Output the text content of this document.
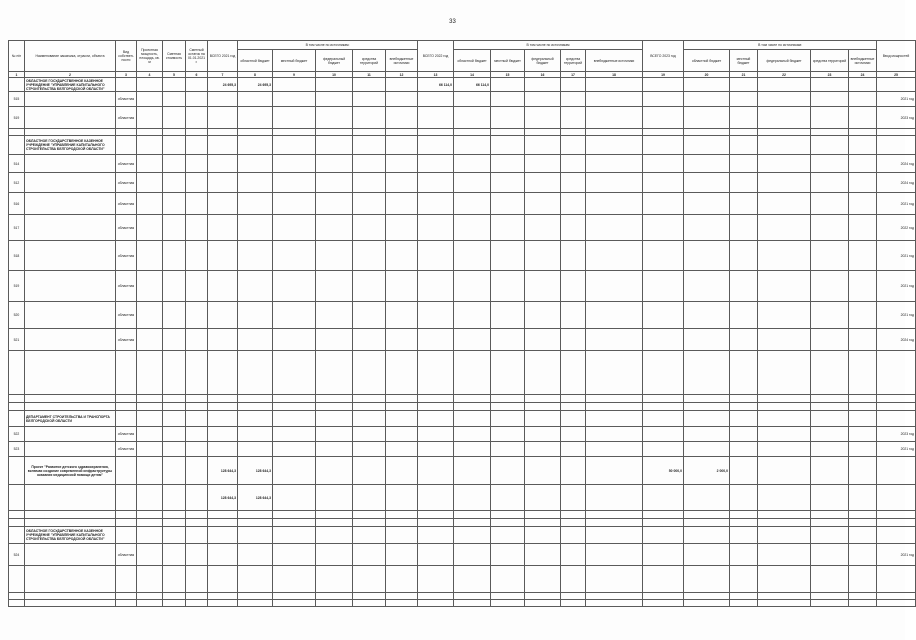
33
№ п/п	Наименование заказчика, отрасли, объекта	Вид собствен-ности	Проектная мощность, площадь, кв. м	Сметная стоимость	Сметный остаток на 01.01.2021 г.	ВСЕГО 2021 год	В том числе по источникам:					ВСЕГО 2022 год	В том числе по источникам					ВСЕГО 2023 год	В том числе по источникам:					Ввод мощностей
							областной бюджет	местный бюджет	федеральный бюджет	средства территорий	внебюджетные источники		областной бюджет	местный бюджет	федеральный бюджет	средства территорий	внебюджетные источники		областной бюджет	местный бюджет	федеральный бюджет	средства территорий	внебюджетные источники	
1	2	3	4	5	6	7	8	9	10	11	12	13	14	15	16	17	18	19	20	21	22	23	24	25
	ОБЛАСТНОЕ ГОСУДАРСТВЕННОЕ КАЗЕННОЕ УЧРЕЖДЕНИЕ "УПРАВЛЕНИЕ КАПИТАЛЬНОГО СТРОИТЕЛЬСТВА БЕЛГОРОДСКОЙ ОБЛАСТИ"					24 695,3	24 695,3					66 114,0	66 114,0											
515		областная																						2021 год
519		областная																						2023 год

	ОБЛАСТНОЕ ГОСУДАРСТВЕННОЕ КАЗЕННОЕ УЧРЕЖДЕНИЕ "УПРАВЛЕНИЕ КАПИТАЛЬНОГО СТРОИТЕЛЬСТВА БЕЛГОРОДСКОЙ ОБЛАСТИ"																							
514		областная																						2024 год
512		областная																						2024 год
516		областная																						2021 год
517		областная																						2022 год
518		областная																						2021 год
519		областная																						2021 год
520		областная																						2021 год
521		областная																						2024 год

	ДЕПАРТАМЕНТ СТРОИТЕЛЬСТВА И ТРАНСПОРТА БЕЛГОРОДСКОЙ ОБЛАСТИ																							
522		областная																						2023 год
523		областная																						2021 год
	Проект "Развитие детского здравоохранения, включая создание современной инфраструктуры оказания медицинской помощи детям"					128 644,3	128 644,3											50 000,0	2 000,0					
						128 644,3	128 644,3																	

	ОБЛАСТНОЕ ГОСУДАРСТВЕННОЕ КАЗЕННОЕ УЧРЕЖДЕНИЕ "УПРАВЛЕНИЕ КАПИТАЛЬНОГО СТРОИТЕЛЬСТВА БЕЛГОРОДСКОЙ ОБЛАСТИ"																							
524		областная																						2021 год
